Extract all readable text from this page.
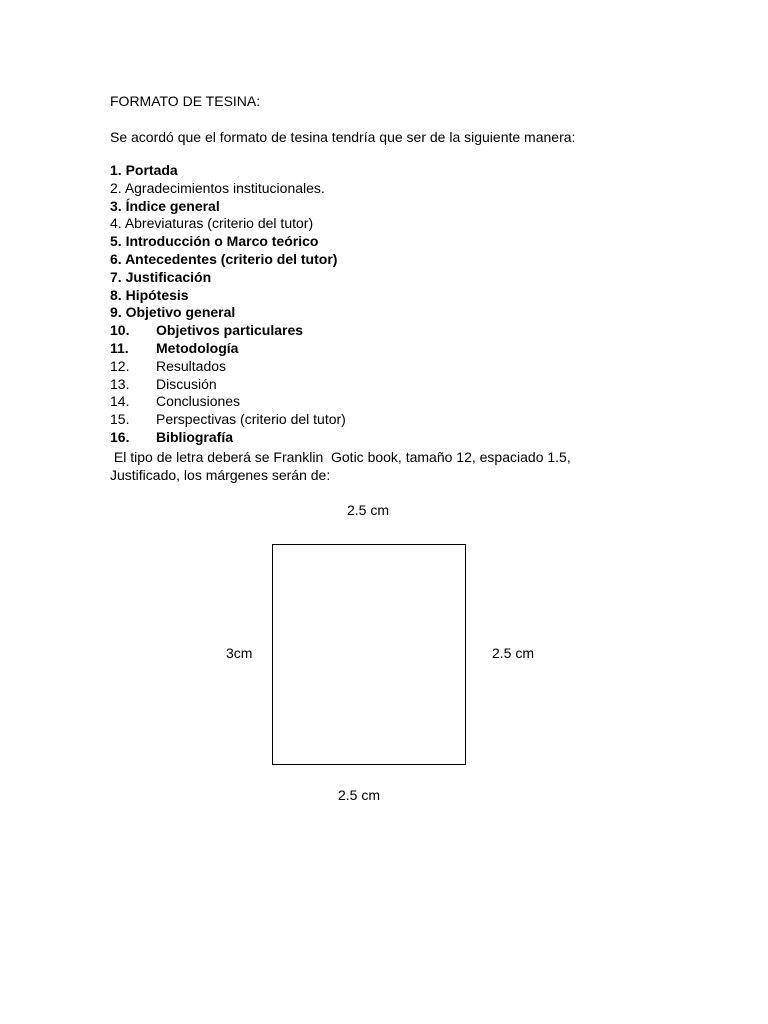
FORMATO DE TESINA:
Se acordó que el formato de tesina tendría que ser de la siguiente manera:
1. Portada
2. Agradecimientos institucionales.
3. Índice general
4. Abreviaturas (criterio del tutor)
5. Introducción o Marco teórico
6. Antecedentes (criterio del tutor)
7. Justificación
8. Hipótesis
9. Objetivo general
10. Objetivos particulares
11. Metodología
12. Resultados
13. Discusión
14. Conclusiones
15. Perspectivas (criterio del tutor)
16. Bibliografía
El tipo de letra deberá se Franklin  Gotic book, tamaño 12, espaciado 1.5,
Justificado, los márgenes serán de:
2.5 cm
3cm	2.5 cm
2.5 cm
